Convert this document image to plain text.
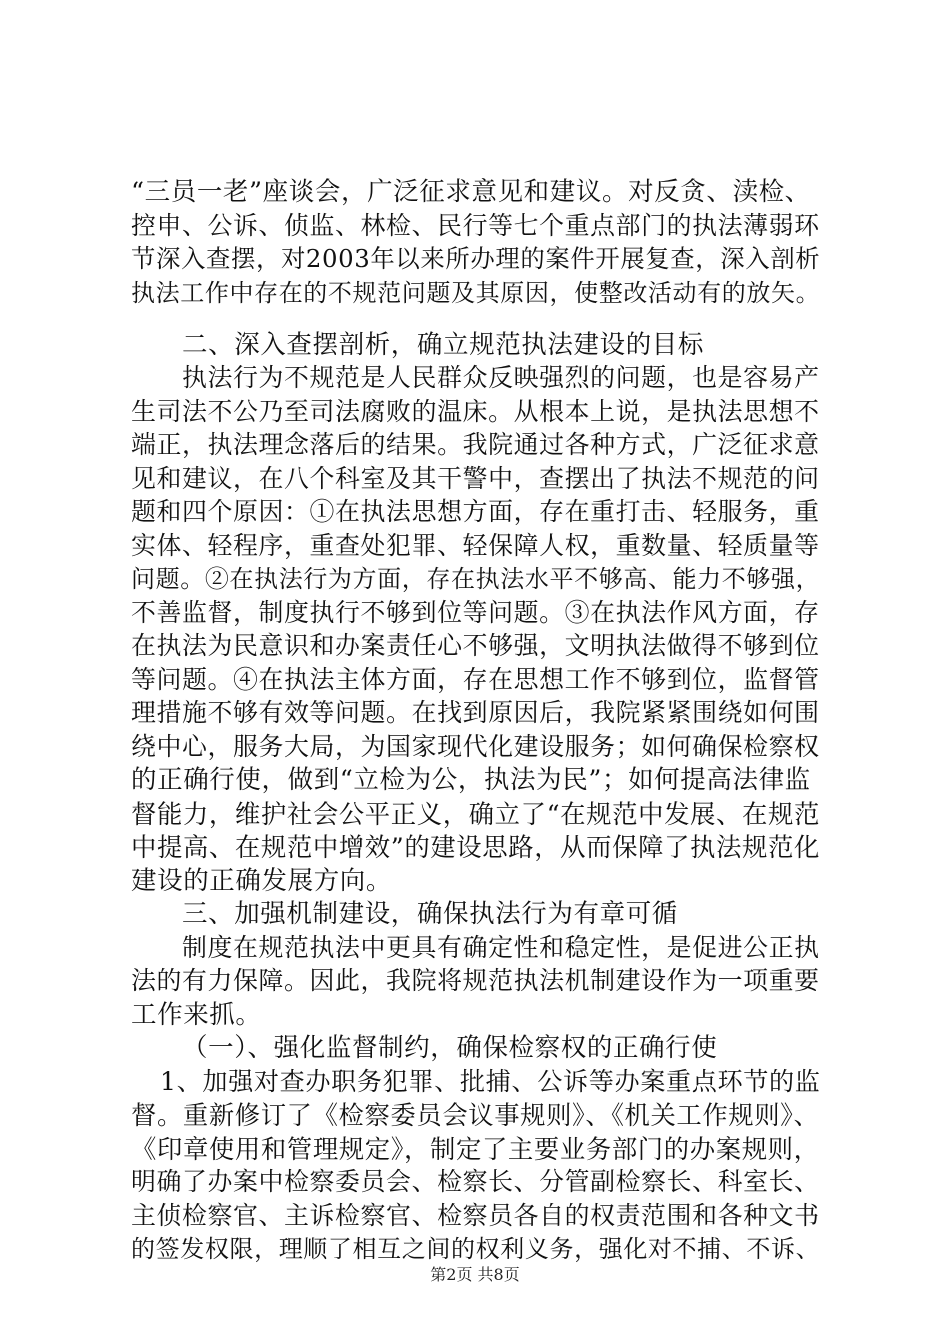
“三员一老”座谈会，广泛征求意见和建议。对反贪、渎检、
控申、公诉、侦监、林检、民行等七个重点部门的执法薄弱环
节深入查摆，对2003年以来所办理的案件开展复查，深入剖析
执法工作中存在的不规范问题及其原因，使整改活动有的放矢。
二、深入查摆剖析，确立规范执法建设的目标
执法行为不规范是人民群众反映强烈的问题，也是容易产
生司法不公乃至司法腐败的温床。从根本上说，是执法思想不
端正，执法理念落后的结果。我院通过各种方式，广泛征求意
见和建议，在八个科室及其干警中，查摆出了执法不规范的问
题和四个原因：①在执法思想方面，存在重打击、轻服务，重
实体、轻程序，重查处犯罪、轻保障人权，重数量、轻质量等
问题。②在执法行为方面，存在执法水平不够高、能力不够强，
不善监督，制度执行不够到位等问题。③在执法作风方面，存
在执法为民意识和办案责任心不够强，文明执法做得不够到位
等问题。④在执法主体方面，存在思想工作不够到位，监督管
理措施不够有效等问题。在找到原因后，我院紧紧围绕如何围
绕中心，服务大局，为国家现代化建设服务；如何确保检察权
的正确行使，做到“立检为公，执法为民”；如何提高法律监
督能力，维护社会公平正义，确立了“在规范中发展、在规范
中提高、在规范中增效”的建设思路，从而保障了执法规范化
建设的正确发展方向。
三、加强机制建设，确保执法行为有章可循
制度在规范执法中更具有确定性和稳定性，是促进公正执
法的有力保障。因此，我院将规范执法机制建设作为一项重要
工作来抓。
（一）、强化监督制约，确保检察权的正确行使
1、加强对查办职务犯罪、批捕、公诉等办案重点环节的监
督。重新修订了《检察委员会议事规则》、《机关工作规则》、
《印章使用和管理规定》，制定了主要业务部门的办案规则，
明确了办案中检察委员会、检察长、分管副检察长、科室长、
主侦检察官、主诉检察官、检察员各自的权责范围和各种文书
的签发权限，理顺了相互之间的权利义务，强化对不捕、不诉、
第2页 共8页
